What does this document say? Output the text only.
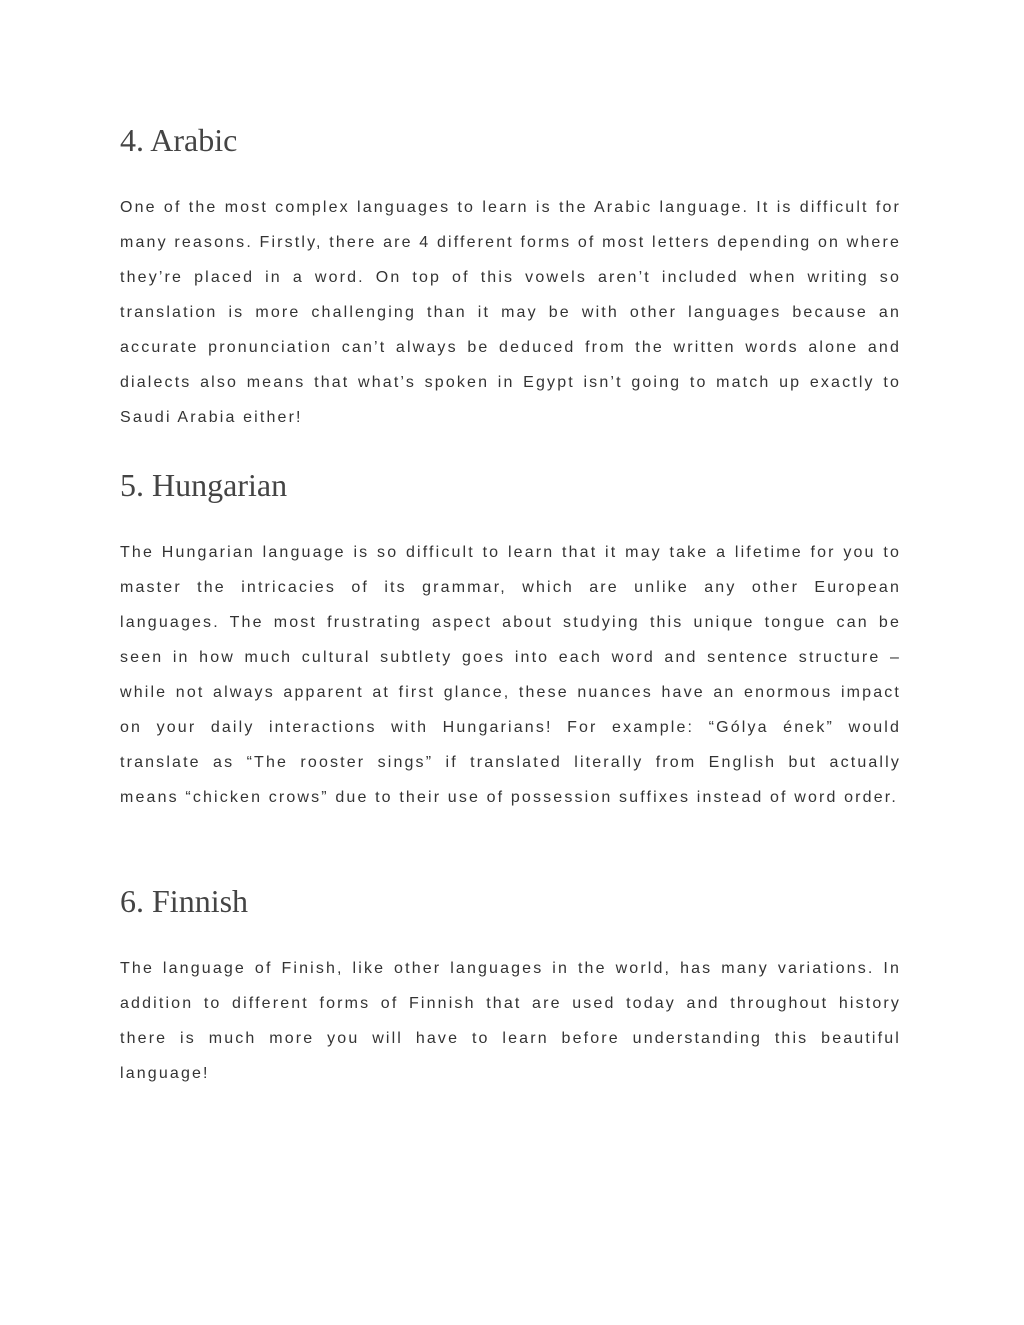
4. Arabic

One of the most complex languages to learn is the Arabic language. It is difficult for many reasons. Firstly, there are 4 different forms of most letters depending on where they’re placed in a word. On top of this vowels aren’t included when writing so translation is more challenging than it may be with other languages because an accurate pronunciation can’t always be deduced from the written words alone and dialects also means that what’s spoken in Egypt isn’t going to match up exactly to Saudi Arabia either!

5. Hungarian

The Hungarian language is so difficult to learn that it may take a lifetime for you to master the intricacies of its grammar, which are unlike any other European languages. The most frustrating aspect about studying this unique tongue can be seen in how much cultural subtlety goes into each word and sentence structure – while not always apparent at first glance, these nuances have an enormous impact on your daily interactions with Hungarians! For example: “Gólya ének” would translate as “The rooster sings” if translated literally from English but actually means “chicken crows” due to their use of possession suffixes instead of word order.

6. Finnish

The language of Finish, like other languages in the world, has many variations. In addition to different forms of Finnish that are used today and throughout history there is much more you will have to learn before understanding this beautiful language!
